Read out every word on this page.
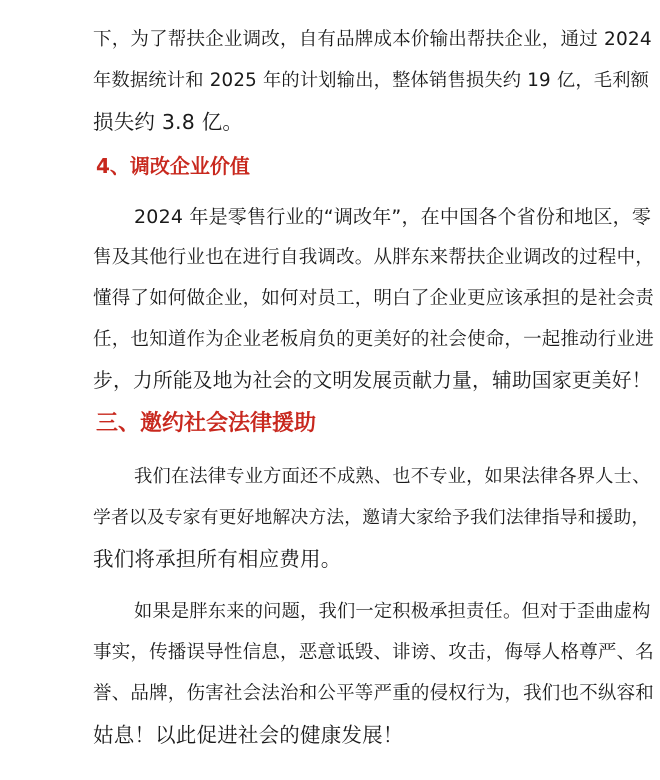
下，为了帮扶企业调改，自有品牌成本价输出帮扶企业，通过 2024
年数据统计和 2025 年的计划输出，整体销售损失约 19 亿，毛利额
损失约 3.8 亿。
4、调改企业价值
2024 年是零售行业的“调改年”，在中国各个省份和地区，零
售及其他行业也在进行自我调改。从胖东来帮扶企业调改的过程中，
懂得了如何做企业，如何对员工，明白了企业更应该承担的是社会责
任，也知道作为企业老板肩负的更美好的社会使命，一起推动行业进
步，力所能及地为社会的文明发展贡献力量，辅助国家更美好！
三、邀约社会法律援助
我们在法律专业方面还不成熟、也不专业，如果法律各界人士、
学者以及专家有更好地解决方法，邀请大家给予我们法律指导和援助，
我们将承担所有相应费用。
如果是胖东来的问题，我们一定积极承担责任。但对于歪曲虚构
事实，传播误导性信息，恶意诋毁、诽谤、攻击，侮辱人格尊严、名
誉、品牌，伤害社会法治和公平等严重的侵权行为，我们也不纵容和
姑息！以此促进社会的健康发展！
